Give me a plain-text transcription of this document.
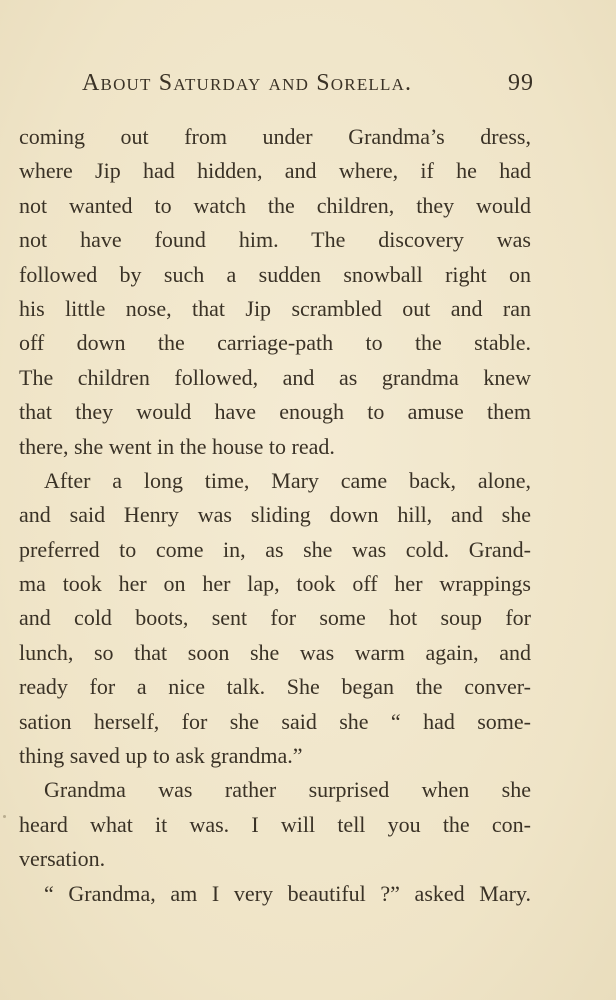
About Saturday and Sorella.	99
coming out from under Grandma’s dress,
where Jip had hidden, and where, if he had
not wanted to watch the children, they would
not have found him. The discovery was
followed by such a sudden snowball right on
his little nose, that Jip scrambled out and ran
off down the carriage-path to the stable.
The children followed, and as grandma knew
that they would have enough to amuse them
there, she went in the house to read.
After a long time, Mary came back, alone,
and said Henry was sliding down hill, and she
preferred to come in, as she was cold. Grand-
ma took her on her lap, took off her wrappings
and cold boots, sent for some hot soup for
lunch, so that soon she was warm again, and
ready for a nice talk. She began the conver-
sation herself, for she said she “ had some-
thing saved up to ask grandma.”
Grandma was rather surprised when she
heard what it was. I will tell you the con-
versation.
“ Grandma, am I very beautiful ?” asked Mary.
